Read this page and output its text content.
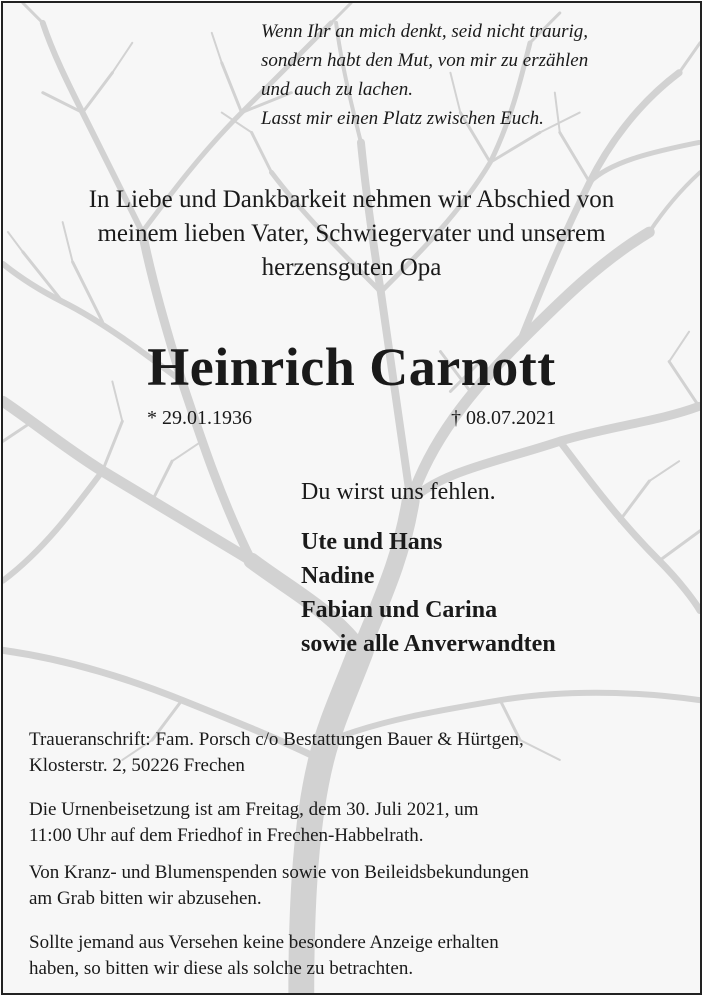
Wenn Ihr an mich denkt, seid nicht traurig,
sondern habt den Mut, von mir zu erzählen
und auch zu lachen.
Lasst mir einen Platz zwischen Euch.
In Liebe und Dankbarkeit nehmen wir Abschied von
meinem lieben Vater, Schwiegervater und unserem
herzensguten Opa
Heinrich Carnott
* 29.01.1936	† 08.07.2021
Du wirst uns fehlen.
Ute und Hans
Nadine
Fabian und Carina
sowie alle Anverwandten
Traueranschrift: Fam. Porsch c/o Bestattungen Bauer & Hürtgen,
Klosterstr. 2, 50226 Frechen
Die Urnenbeisetzung ist am Freitag, dem 30. Juli 2021, um
11:00 Uhr auf dem Friedhof in Frechen-Habbelrath.
Von Kranz- und Blumenspenden sowie von Beileidsbekundungen
am Grab bitten wir abzusehen.
Sollte jemand aus Versehen keine besondere Anzeige erhalten
haben, so bitten wir diese als solche zu betrachten.
